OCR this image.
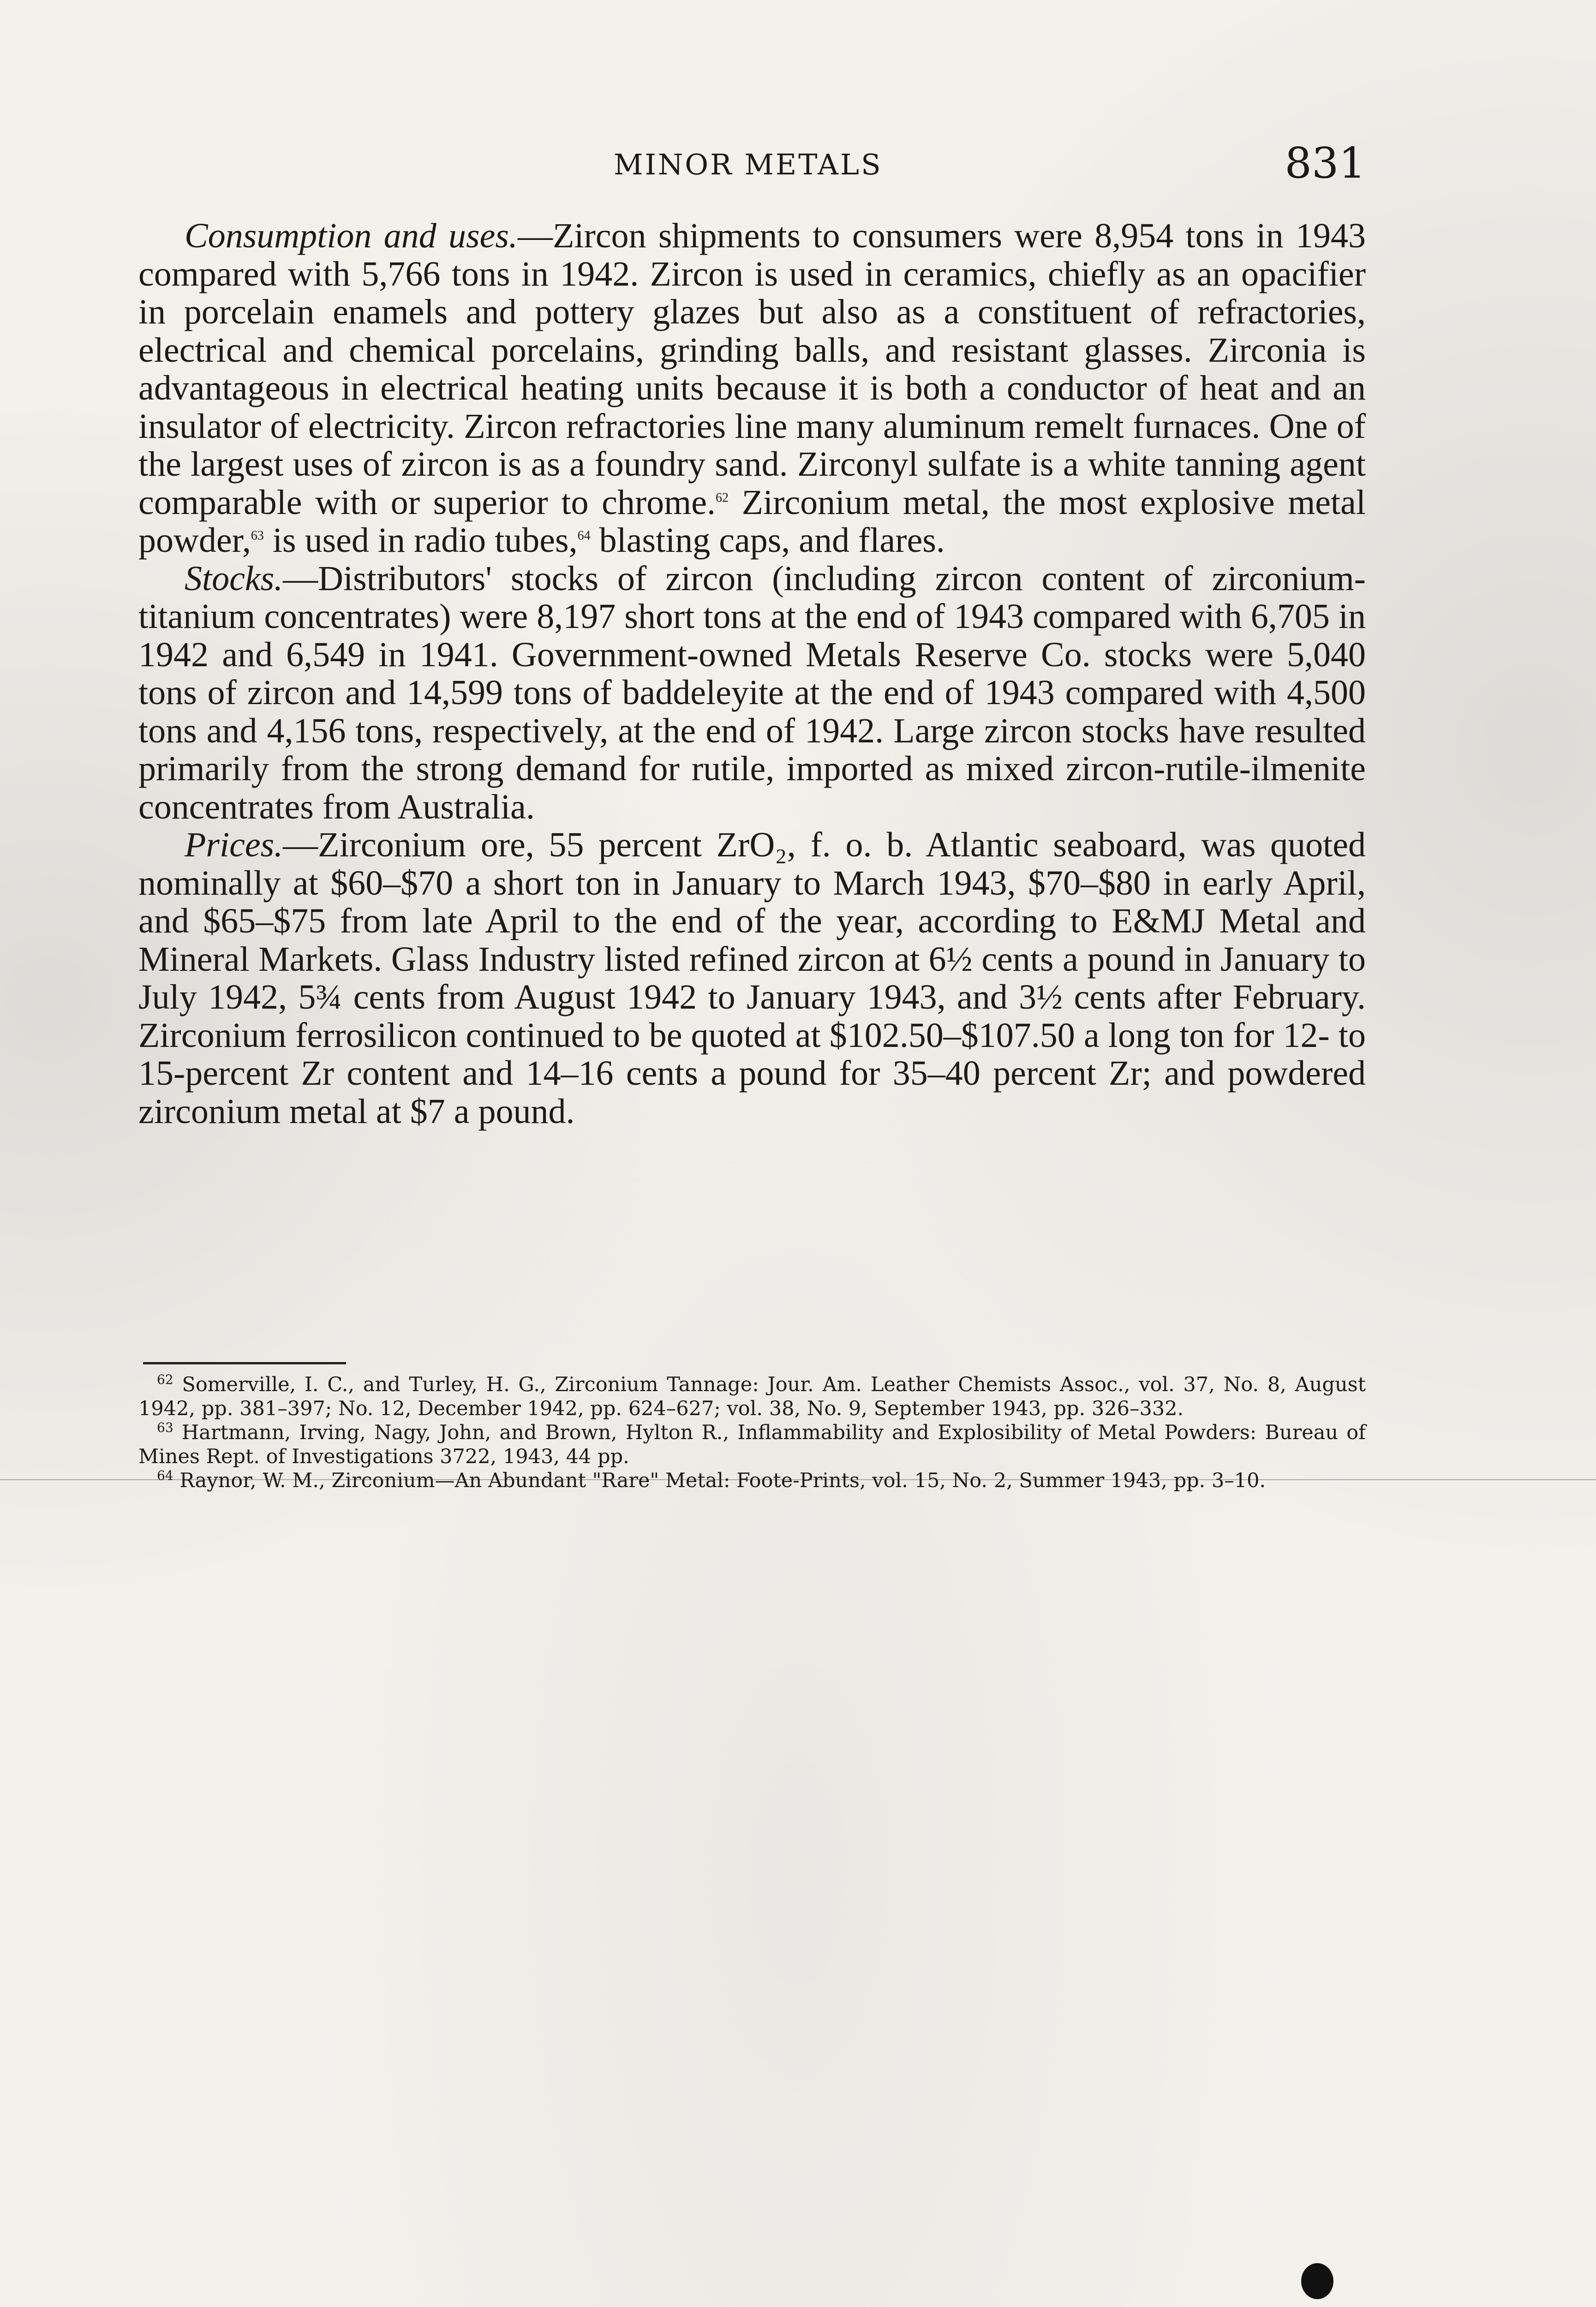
MINOR METALS	831

Consumption and uses.—Zircon shipments to consumers were 8,954 tons in 1943 compared with 5,766 tons in 1942. Zircon is used in ceramics, chiefly as an opacifier in porcelain enamels and pottery glazes but also as a constituent of refractories, electrical and chemical porcelains, grinding balls, and resistant glasses. Zirconia is advantageous in electrical heating units because it is both a conductor of heat and an insulator of electricity. Zircon refractories line many aluminum remelt furnaces. One of the largest uses of zircon is as a foundry sand. Zirconyl sulfate is a white tanning agent comparable with or superior to chrome.$^{62}$ Zirconium metal, the most explosive metal powder,$^{63}$ is used in radio tubes,$^{64}$ blasting caps, and flares.

Stocks.—Distributors' stocks of zircon (including zircon content of zirconium-titanium concentrates) were 8,197 short tons at the end of 1943 compared with 6,705 in 1942 and 6,549 in 1941. Government-owned Metals Reserve Co. stocks were 5,040 tons of zircon and 14,599 tons of baddeleyite at the end of 1943 compared with 4,500 tons and 4,156 tons, respectively, at the end of 1942. Large zircon stocks have resulted primarily from the strong demand for rutile, imported as mixed zircon-rutile-ilmenite concentrates from Australia.

Prices.—Zirconium ore, 55 percent ZrO₂, f. o. b. Atlantic seaboard, was quoted nominally at $60–$70 a short ton in January to March 1943, $70–$80 in early April, and $65–$75 from late April to the end of the year, according to E&MJ Metal and Mineral Markets. Glass Industry listed refined zircon at 6½ cents a pound in January to July 1942, 5¾ cents from August 1942 to January 1943, and 3½ cents after February. Zirconium ferrosilicon continued to be quoted at $102.50–$107.50 a long ton for 12- to 15-percent Zr content and 14–16 cents a pound for 35–40 percent Zr; and powdered zirconium metal at $7 a pound.

$^{62}$ Somerville, I. C., and Turley, H. G., Zirconium Tannage: Jour. Am. Leather Chemists Assoc., vol. 37, No. 8, August 1942, pp. 381–397; No. 12, December 1942, pp. 624–627; vol. 38, No. 9, September 1943, pp. 326–332.

$^{63}$ Hartmann, Irving, Nagy, John, and Brown, Hylton R., Inflammability and Explosibility of Metal Powders: Bureau of Mines Rept. of Investigations 3722, 1943, 44 pp.

$^{64}$ Raynor, W. M., Zirconium—An Abundant "Rare" Metal: Foote-Prints, vol. 15, No. 2, Summer 1943, pp. 3–10.
